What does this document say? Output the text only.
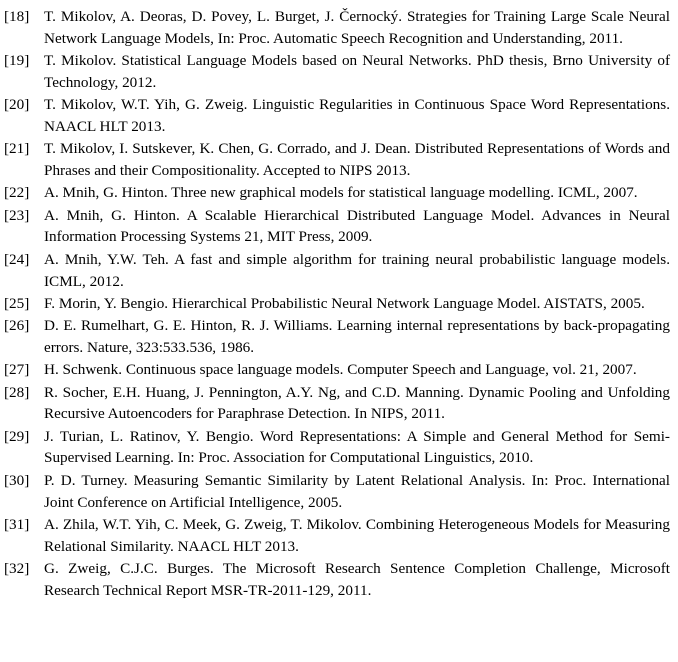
[18] T. Mikolov, A. Deoras, D. Povey, L. Burget, J. Černocký. Strategies for Training Large Scale Neural Network Language Models, In: Proc. Automatic Speech Recognition and Understanding, 2011.
[19] T. Mikolov. Statistical Language Models based on Neural Networks. PhD thesis, Brno University of Technology, 2012.
[20] T. Mikolov, W.T. Yih, G. Zweig. Linguistic Regularities in Continuous Space Word Representations. NAACL HLT 2013.
[21] T. Mikolov, I. Sutskever, K. Chen, G. Corrado, and J. Dean. Distributed Representations of Words and Phrases and their Compositionality. Accepted to NIPS 2013.
[22] A. Mnih, G. Hinton. Three new graphical models for statistical language modelling. ICML, 2007.
[23] A. Mnih, G. Hinton. A Scalable Hierarchical Distributed Language Model. Advances in Neural Information Processing Systems 21, MIT Press, 2009.
[24] A. Mnih, Y.W. Teh. A fast and simple algorithm for training neural probabilistic language models. ICML, 2012.
[25] F. Morin, Y. Bengio. Hierarchical Probabilistic Neural Network Language Model. AISTATS, 2005.
[26] D. E. Rumelhart, G. E. Hinton, R. J. Williams. Learning internal representations by back-propagating errors. Nature, 323:533.536, 1986.
[27] H. Schwenk. Continuous space language models. Computer Speech and Language, vol. 21, 2007.
[28] R. Socher, E.H. Huang, J. Pennington, A.Y. Ng, and C.D. Manning. Dynamic Pooling and Unfolding Recursive Autoencoders for Paraphrase Detection. In NIPS, 2011.
[29] J. Turian, L. Ratinov, Y. Bengio. Word Representations: A Simple and General Method for Semi-Supervised Learning. In: Proc. Association for Computational Linguistics, 2010.
[30] P. D. Turney. Measuring Semantic Similarity by Latent Relational Analysis. In: Proc. International Joint Conference on Artificial Intelligence, 2005.
[31] A. Zhila, W.T. Yih, C. Meek, G. Zweig, T. Mikolov. Combining Heterogeneous Models for Measuring Relational Similarity. NAACL HLT 2013.
[32] G. Zweig, C.J.C. Burges. The Microsoft Research Sentence Completion Challenge, Microsoft Research Technical Report MSR-TR-2011-129, 2011.
